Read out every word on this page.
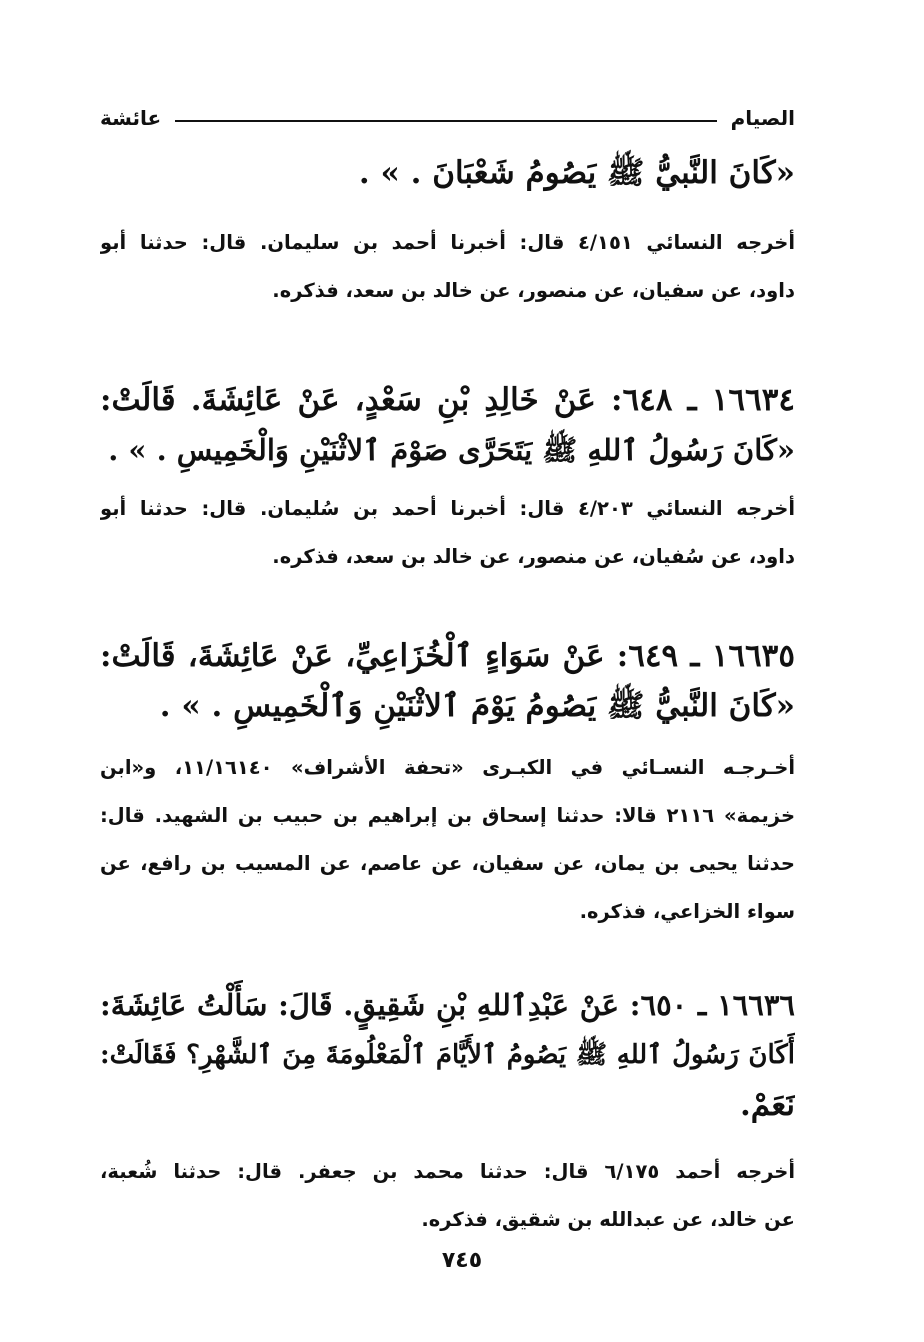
الصيام
عائشة
«كَانَ النَّبيُّ ﷺ يَصُومُ شَعْبَانَ . » .
أخرجه النسائي ٤/١٥١ قال: أخبرنا أحمد بن سليمان. قال: حدثنا أبو
داود، عن سفيان، عن منصور، عن خالد بن سعد، فذكره.
١٦٦٣٤ ـ ٦٤٨: عَنْ خَالِدِ بْنِ سَعْدٍ، عَنْ عَائِشَةَ. قَالَتْ:
«كَانَ رَسُولُ ٱللهِ ﷺ يَتَحَرَّى صَوْمَ ٱلاثْنَيْنِ وَالْخَمِيسِ . » .
أخرجه النسائي ٤/٢٠٣ قال: أخبرنا أحمد بن سُليمان. قال: حدثنا أبو
داود، عن سُفيان، عن منصور، عن خالد بن سعد، فذكره.
١٦٦٣٥ ـ ٦٤٩: عَنْ سَوَاءٍ ٱلْخُزَاعِيِّ، عَنْ عَائِشَةَ، قَالَتْ:
«كَانَ النَّبيُّ ﷺ يَصُومُ يَوْمَ ٱلاثْنَيْنِ وَٱلْخَمِيسِ . » .
أخـرجـه النسـائي في الكبـرى «تحفة الأشراف» ١١/١٦١٤٠، و«ابن
خزيمة» ٢١١٦ قالا: حدثنا إسحاق بن إبراهيم بن حبيب بن الشهيد. قال:
حدثنا يحيى بن يمان، عن سفيان، عن عاصم، عن المسيب بن رافع، عن
سواء الخزاعي، فذكره.
١٦٦٣٦ ـ ٦٥٠: عَنْ عَبْدِٱللهِ بْنِ شَقِيقٍ. قَالَ: سَأَلْتُ عَائِشَةَ:
أَكَانَ رَسُولُ ٱللهِ ﷺ يَصُومُ ٱلأَيَّامَ ٱلْمَعْلُومَةَ مِنَ ٱلشَّهْرِ؟ فَقَالَتْ:
نَعَمْ.
أخرجه أحمد ٦/١٧٥ قال: حدثنا محمد بن جعفر. قال: حدثنا شُعبة،
عن خالد، عن عبدالله بن شقيق، فذكره.
٧٤٥
